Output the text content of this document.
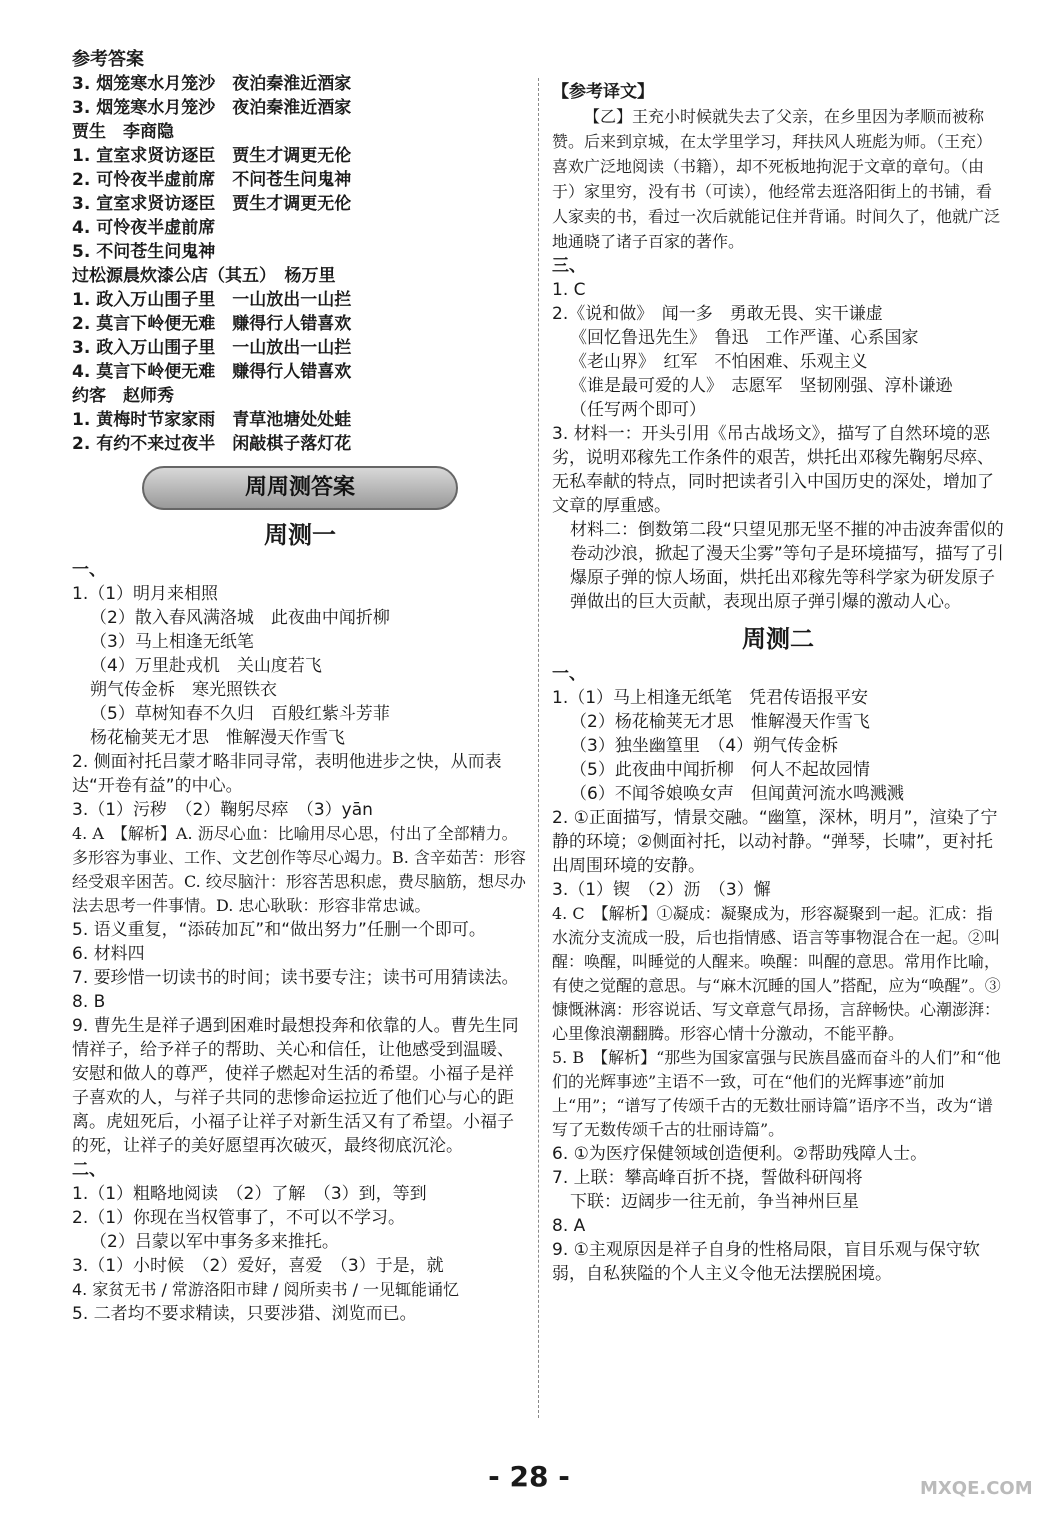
参考答案
3. 烟笼寒水月笼沙　夜泊秦淮近酒家
3. 烟笼寒水月笼沙　夜泊秦淮近酒家
贾生　李商隐
1. 宣室求贤访逐臣　贾生才调更无伦
2. 可怜夜半虚前席　不问苍生问鬼神
3. 宣室求贤访逐臣　贾生才调更无伦
4. 可怜夜半虚前席
5. 不问苍生问鬼神
过松源晨炊漆公店（其五）　杨万里
1. 政入万山围子里　一山放出一山拦
2. 莫言下岭便无难　赚得行人错喜欢
3. 政入万山围子里　一山放出一山拦
4. 莫言下岭便无难　赚得行人错喜欢
约客　赵师秀
1. 黄梅时节家家雨　青草池塘处处蛙
2. 有约不来过夜半　闲敲棋子落灯花
周周测答案
周测一
一、
1.（1）明月来相照
（2）散入春风满洛城　此夜曲中闻折柳
（3）马上相逢无纸笔
（4）万里赴戎机　关山度若飞
朔气传金柝　寒光照铁衣
（5）草树知春不久归　百般红紫斗芳菲
杨花榆荚无才思　惟解漫天作雪飞
2. 侧面衬托吕蒙才略非同寻常，表明他进步之快，从而表达“开卷有益”的中心。
3.（1）污秽　（2）鞠躬尽瘁　（3）yān
4. A　【解析】A. 沥尽心血：比喻用尽心思，付出了全部精力。多形容为事业、工作、文艺创作等尽心竭力。B. 含辛茹苦：形容经受艰辛困苦。C. 绞尽脑汁：形容苦思积虑，费尽脑筋，想尽办法去思考一件事情。D. 忠心耿耿：形容非常忠诚。
5. 语义重复，“添砖加瓦”和“做出努力”任删一个即可。
6. 材料四
7. 要珍惜一切读书的时间；读书要专注；读书可用猜读法。
8. B
9. 曹先生是祥子遇到困难时最想投奔和依靠的人。曹先生同情祥子，给予祥子的帮助、关心和信任，让他感受到温暖、安慰和做人的尊严，使祥子燃起对生活的希望。小福子是祥子喜欢的人，与祥子共同的悲惨命运拉近了他们心与心的距离。虎妞死后，小福子让祥子对新生活又有了希望。小福子的死，让祥子的美好愿望再次破灭，最终彻底沉沦。
二、
1.（1）粗略地阅读　（2）了解　（3）到，等到
2.（1）你现在当权管事了，不可以不学习。
（2）吕蒙以军中事务多来推托。
3.（1）小时候　（2）爱好，喜爱　（3）于是，就
4. 家贫无书 / 常游洛阳市肆 / 阅所卖书 / 一见辄能诵忆
5. 二者均不要求精读，只要涉猎、浏览而已。
【参考译文】
【乙】王充小时候就失去了父亲，在乡里因为孝顺而被称赞。后来到京城，在太学里学习，拜扶风人班彪为师。（王充）喜欢广泛地阅读（书籍），却不死板地拘泥于文章的章句。（由于）家里穷，没有书（可读），他经常去逛洛阳街上的书铺，看人家卖的书，看过一次后就能记住并背诵。时间久了，他就广泛地通晓了诸子百家的著作。
三、
1. C
2.《说和做》　闻一多　勇敢无畏、实干谦虚
《回忆鲁迅先生》　鲁迅　工作严谨、心系国家
《老山界》　红军　不怕困难、乐观主义
《谁是最可爱的人》　志愿军　坚韧刚强、淳朴谦逊
（任写两个即可）
3. 材料一：开头引用《吊古战场文》，描写了自然环境的恶劣，说明邓稼先工作条件的艰苦，烘托出邓稼先鞠躬尽瘁、无私奉献的特点，同时把读者引入中国历史的深处，增加了文章的厚重感。
材料二：倒数第二段“只望见那无坚不摧的冲击波奔雷似的卷动沙浪，掀起了漫天尘雾”等句子是环境描写，描写了引爆原子弹的惊人场面，烘托出邓稼先等科学家为研发原子弹做出的巨大贡献，表现出原子弹引爆的激动人心。
周测二
一、
1.（1）马上相逢无纸笔　凭君传语报平安
（2）杨花榆荚无才思　惟解漫天作雪飞
（3）独坐幽篁里　（4）朔气传金柝
（5）此夜曲中闻折柳　何人不起故园情
（6）不闻爷娘唤女声　但闻黄河流水鸣溅溅
2. ①正面描写，情景交融。“幽篁，深林，明月”，渲染了宁静的环境；②侧面衬托，以动衬静。“弹琴，长啸”，更衬托出周围环境的安静。
3.（1）锲　（2）沥　（3）懈
4. C　【解析】①凝成：凝聚成为，形容凝聚到一起。汇成：指水流分支流成一股，后也指情感、语言等事物混合在一起。②叫醒：唤醒，叫睡觉的人醒来。唤醒：叫醒的意思。常用作比喻，有使之觉醒的意思。与“麻木沉睡的国人”搭配，应为“唤醒”。③慷慨淋漓：形容说话、写文章意气昂扬，言辞畅快。心潮澎湃：心里像浪潮翻腾。形容心情十分激动，不能平静。
5. B　【解析】“那些为国家富强与民族昌盛而奋斗的人们”和“他们的光辉事迹”主语不一致，可在“他们的光辉事迹”前加上“用”；“谱写了传颂千古的无数壮丽诗篇”语序不当，改为“谱写了无数传颂千古的壮丽诗篇”。
6. ①为医疗保健领域创造便利。②帮助残障人士。
7. 上联：攀高峰百折不挠，誓做科研闯将
下联：迈阔步一往无前，争当神州巨星
8. A
9. ①主观原因是祥子自身的性格局限，盲目乐观与保守软弱，自私狭隘的个人主义令他无法摆脱困境。
- 28 -	MXQE.COM
